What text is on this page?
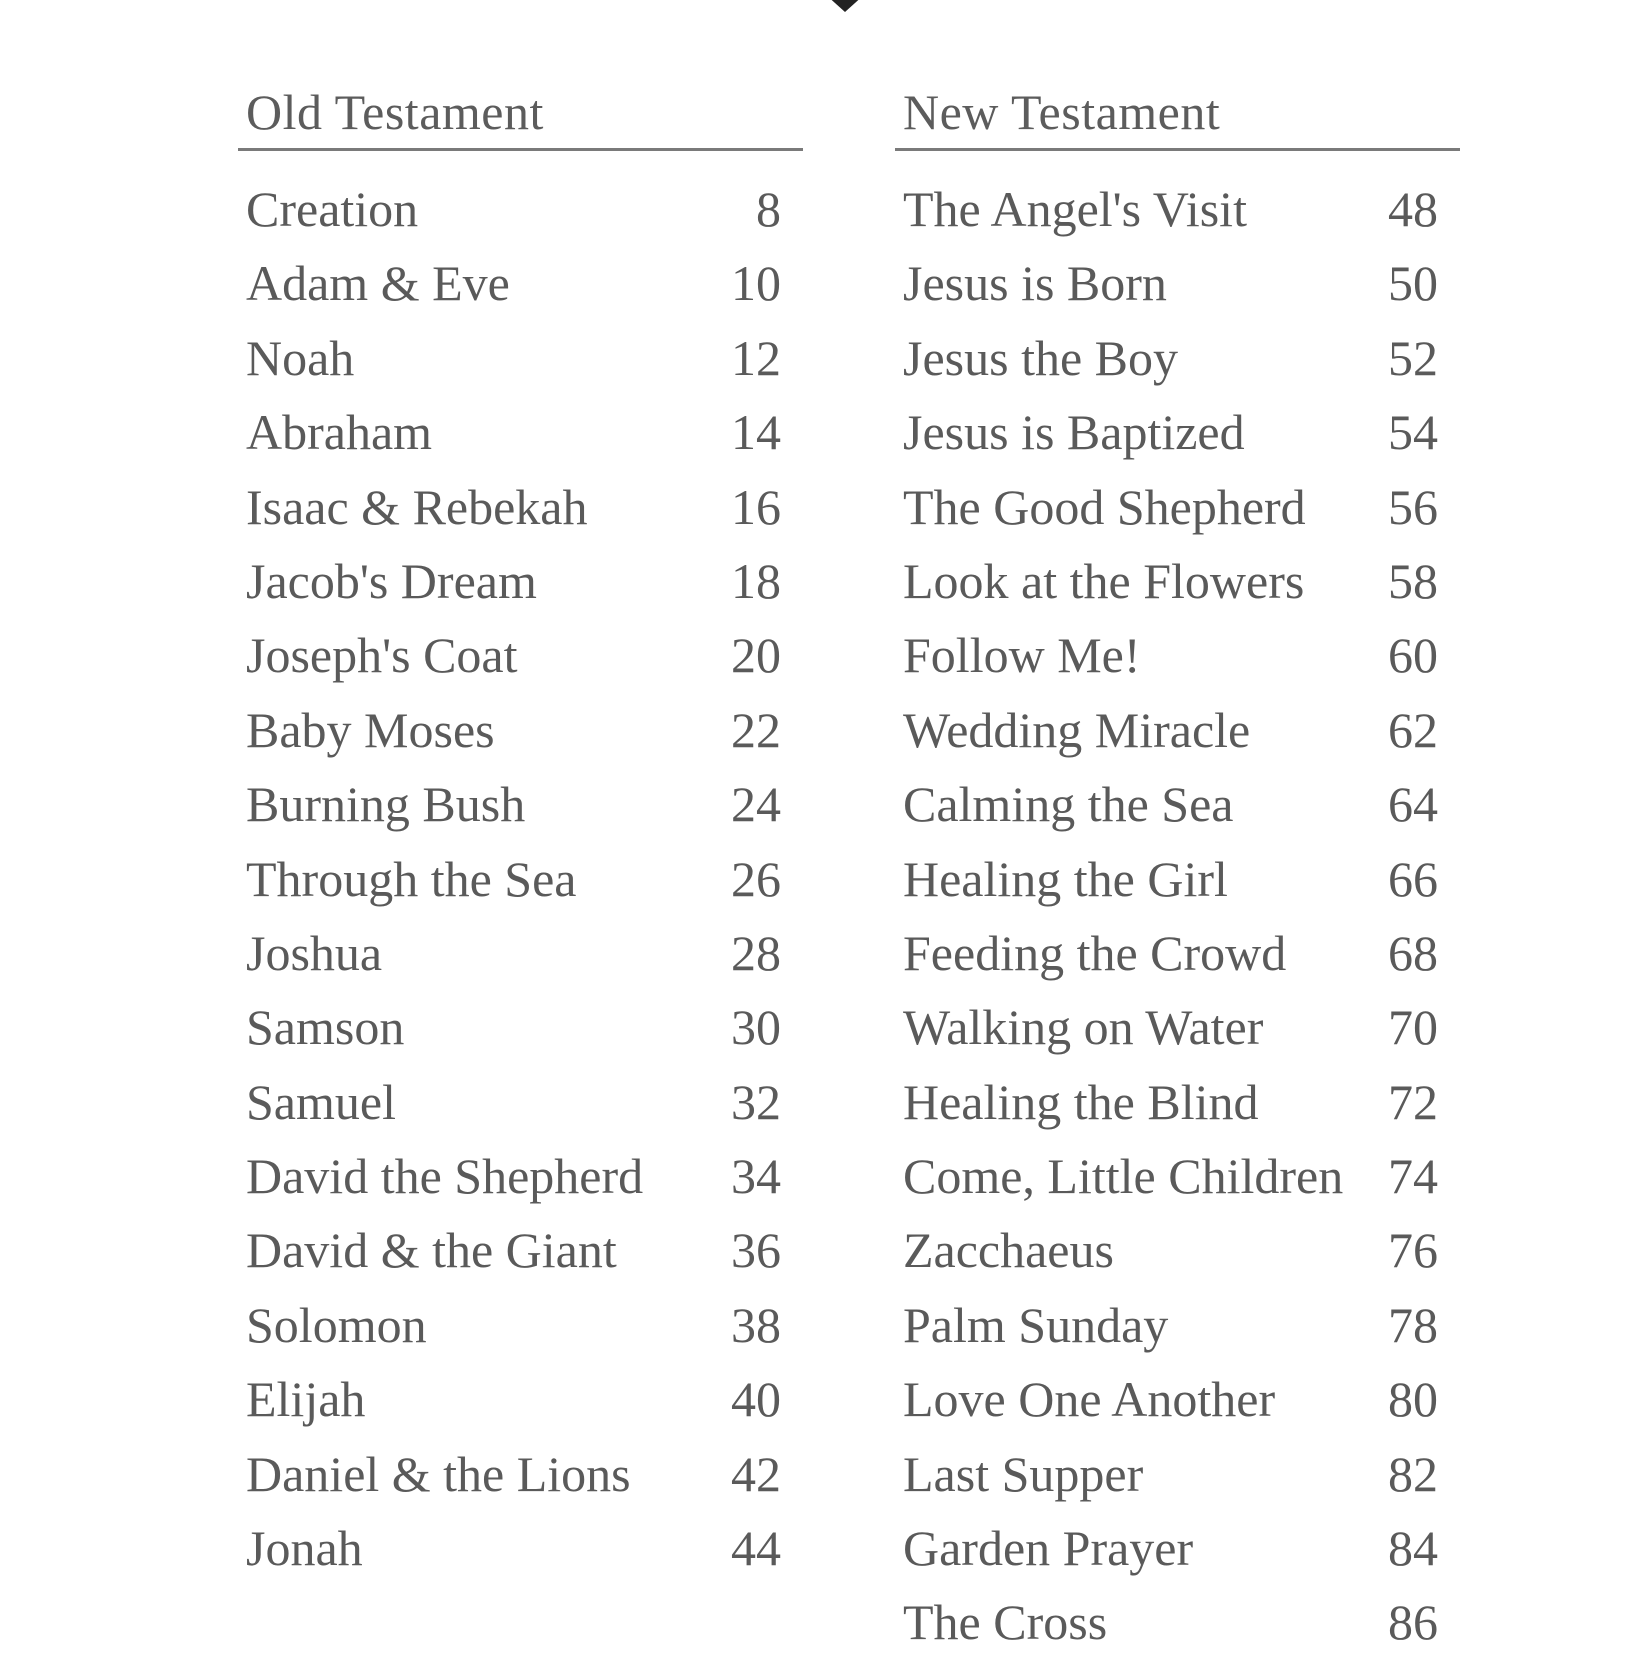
Old Testament
Creation	8
Adam & Eve	10
Noah	12
Abraham	14
Isaac & Rebekah	16
Jacob's Dream	18
Joseph's Coat	20
Baby Moses	22
Burning Bush	24
Through the Sea	26
Joshua	28
Samson	30
Samuel	32
David the Shepherd 34
David & the Giant 36
Solomon	38
Elijah	40
Daniel & the Lions 42
Jonah	44
New Testament
The Angel's Visit	48
Jesus is Born	50
Jesus the Boy	52
Jesus is Baptized	54
The Good Shepherd 56
Look at the Flowers 58
Follow Me!	60
Wedding Miracle	62
Calming the Sea	64
Healing the Girl	66
Feeding the Crowd 68
Walking on Water 70
Healing the Blind	72
Come, Little Children 74
Zacchaeus	76
Palm Sunday	78
Love One Another 80
Last Supper	82
Garden Prayer	84
The Cross	86
